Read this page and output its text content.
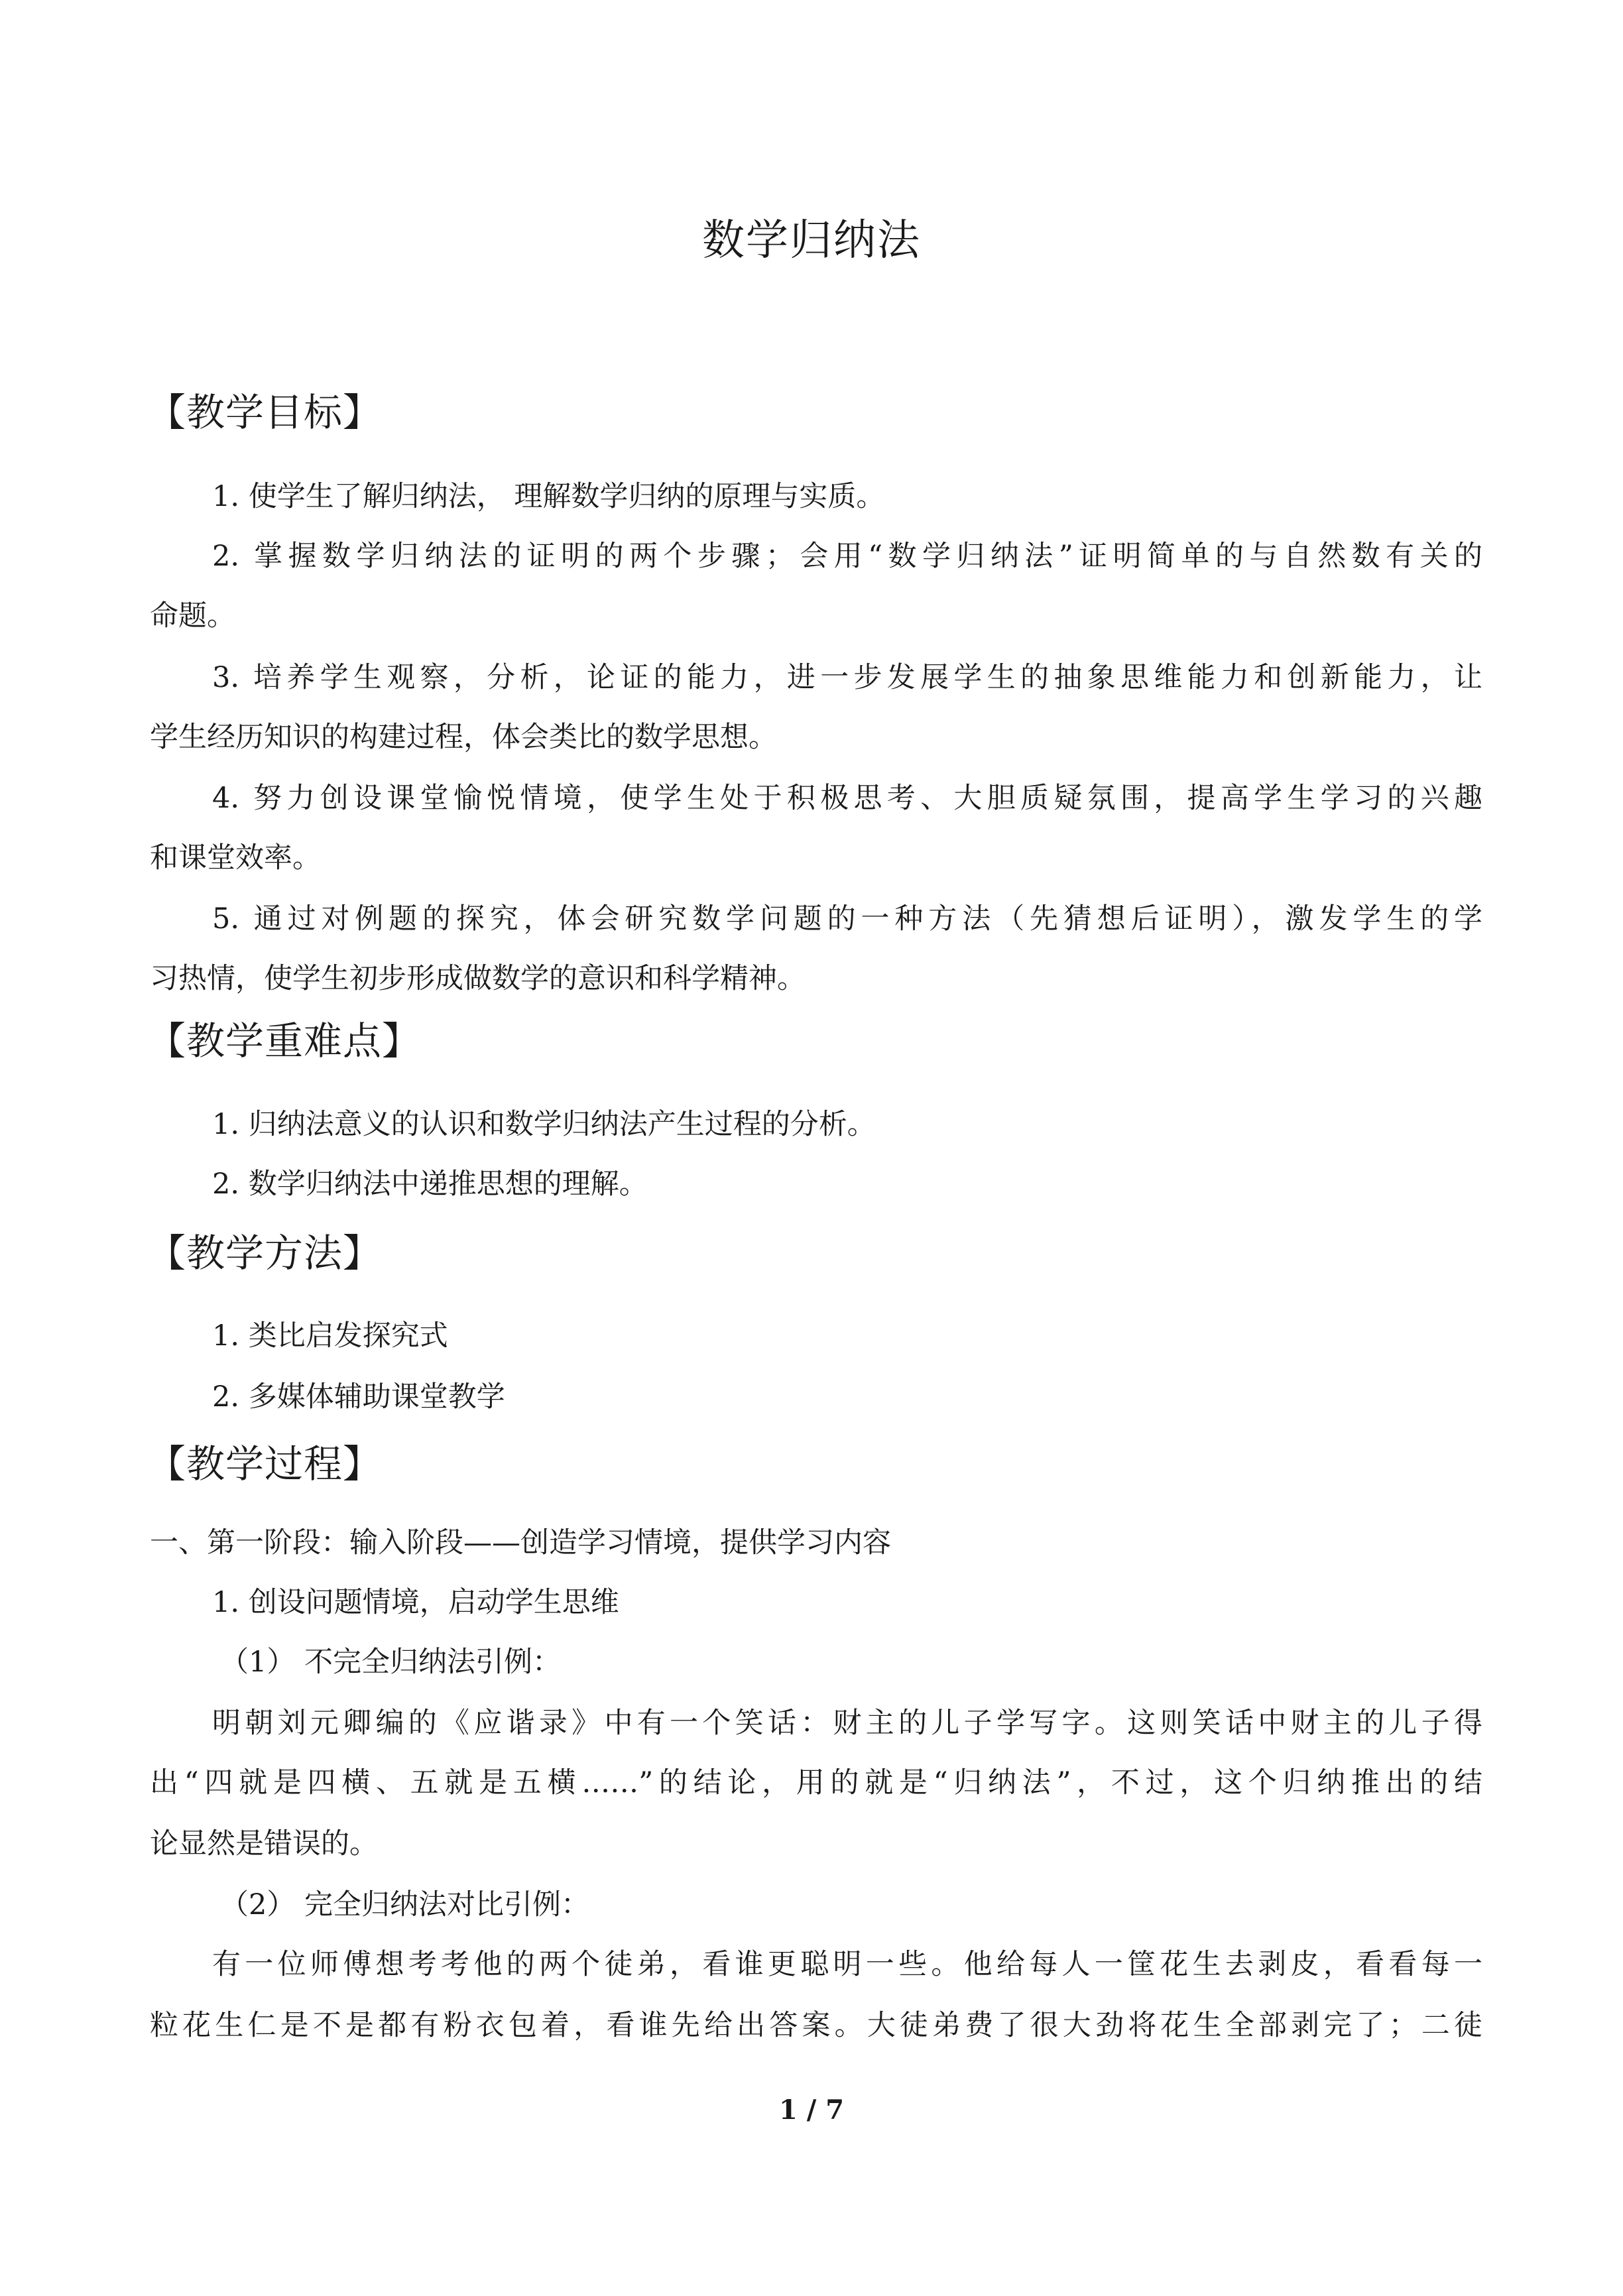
数学归纳法
【教学目标】
1. 使学生了解归纳法， 理解数学归纳的原理与实质。
2. 掌握数学归纳法的证明的两个步骤；会用“数学归纳法”证明简单的与自然数有关的
命题。
3. 培养学生观察，分析，论证的能力，进一步发展学生的抽象思维能力和创新能力，让
学生经历知识的构建过程，体会类比的数学思想。
4. 努力创设课堂愉悦情境，使学生处于积极思考、大胆质疑氛围，提高学生学习的兴趣
和课堂效率。
5. 通过对例题的探究，体会研究数学问题的一种方法（先猜想后证明），激发学生的学
习热情，使学生初步形成做数学的意识和科学精神。
【教学重难点】
1. 归纳法意义的认识和数学归纳法产生过程的分析。
2. 数学归纳法中递推思想的理解。
【教学方法】
1. 类比启发探究式
2. 多媒体辅助课堂教学
【教学过程】
一、第一阶段：输入阶段——创造学习情境，提供学习内容
1. 创设问题情境，启动学生思维
（1） 不完全归纳法引例：
明朝刘元卿编的《应谐录》中有一个笑话：财主的儿子学写字。这则笑话中财主的儿子得
出“四就是四横、五就是五横……”的结论，用的就是“归纳法”，不过，这个归纳推出的结
论显然是错误的。
（2） 完全归纳法对比引例：
有一位师傅想考考他的两个徒弟，看谁更聪明一些。他给每人一筐花生去剥皮，看看每一
粒花生仁是不是都有粉衣包着，看谁先给出答案。大徒弟费了很大劲将花生全部剥完了；二徒
1 / 7
